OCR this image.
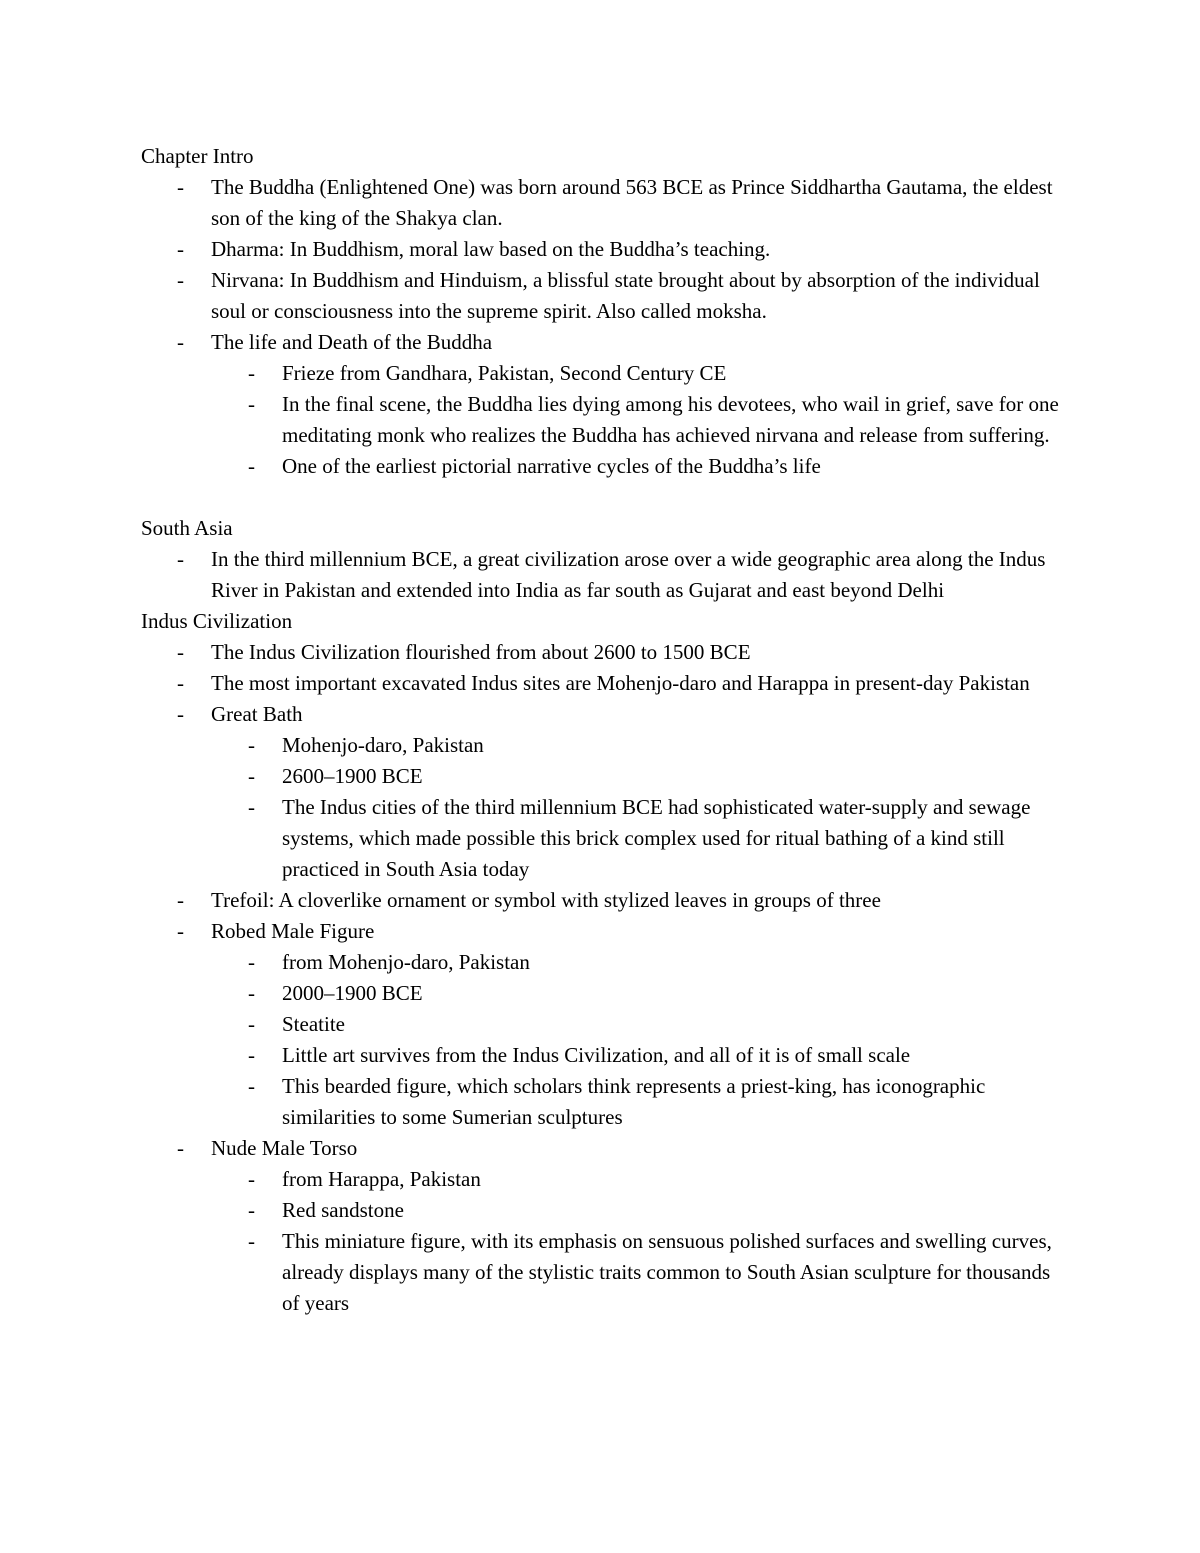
Chapter Intro
- The Buddha (Enlightened One) was born around 563 BCE as Prince Siddhartha Gautama, the eldest son of the king of the Shakya clan.
- Dharma: In Buddhism, moral law based on the Buddha’s teaching.
- Nirvana: In Buddhism and Hinduism, a blissful state brought about by absorption of the individual soul or consciousness into the supreme spirit. Also called moksha.
- The life and Death of the Buddha
- Frieze from Gandhara, Pakistan, Second Century CE
- In the final scene, the Buddha lies dying among his devotees, who wail in grief, save for one meditating monk who realizes the Buddha has achieved nirvana and release from suffering.
- One of the earliest pictorial narrative cycles of the Buddha’s life
South Asia
- In the third millennium BCE, a great civilization arose over a wide geographic area along the Indus River in Pakistan and extended into India as far south as Gujarat and east beyond Delhi
Indus Civilization
- The Indus Civilization flourished from about 2600 to 1500 BCE
- The most important excavated Indus sites are Mohenjo-daro and Harappa in present-day Pakistan
- Great Bath
- Mohenjo-daro, Pakistan
- 2600–1900 BCE
- The Indus cities of the third millennium BCE had sophisticated water-supply and sewage systems, which made possible this brick complex used for ritual bathing of a kind still practiced in South Asia today
- Trefoil: A cloverlike ornament or symbol with stylized leaves in groups of three
- Robed Male Figure
- from Mohenjo-daro, Pakistan
- 2000–1900 BCE
- Steatite
- Little art survives from the Indus Civilization, and all of it is of small scale
- This bearded figure, which scholars think represents a priest-king, has iconographic similarities to some Sumerian sculptures
- Nude Male Torso
- from Harappa, Pakistan
- Red sandstone
- This miniature figure, with its emphasis on sensuous polished surfaces and swelling curves, already displays many of the stylistic traits common to South Asian sculpture for thousands of years
